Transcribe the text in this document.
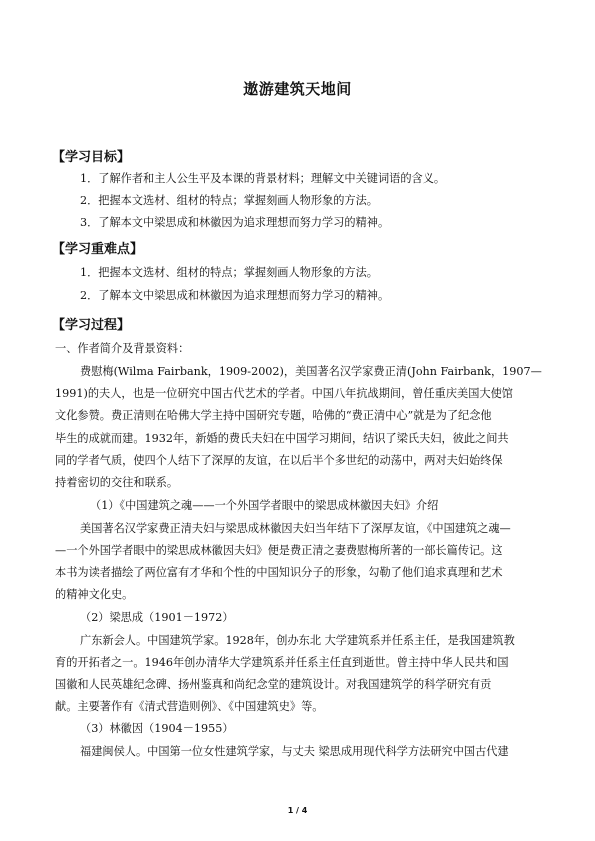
遨游建筑天地间
【学习目标】
1．了解作者和主人公生平及本课的背景材料；理解文中关键词语的含义。
2．把握本文选材、组材的特点；掌握刻画人物形象的方法。
3．了解本文中梁思成和林徽因为追求理想而努力学习的精神。
【学习重难点】
1．把握本文选材、组材的特点；掌握刻画人物形象的方法。
2．了解本文中梁思成和林徽因为追求理想而努力学习的精神。
【学习过程】
一、作者简介及背景资料：
费慰梅(Wilma Fairbank，1909-2002)，美国著名汉学家费正清(John Fairbank，1907—
1991)的夫人，也是一位研究中国古代艺术的学者。中国八年抗战期间，曾任重庆美国大使馆
文化参赞。费正清则在哈佛大学主持中国研究专题，哈佛的“费正清中心”就是为了纪念他
毕生的成就而建。1932年，新婚的费氏夫妇在中国学习期间，结识了梁氏夫妇，彼此之间共
同的学者气质，使四个人结下了深厚的友谊，在以后半个多世纪的动荡中，两对夫妇始终保
持着密切的交往和联系。
（1）《中国建筑之魂——一个外国学者眼中的梁思成林徽因夫妇》介绍
美国著名汉学家费正清夫妇与梁思成林徽因夫妇当年结下了深厚友谊，《中国建筑之魂—
—一个外国学者眼中的梁思成林徽因夫妇》便是费正清之妻费慰梅所著的一部长篇传记。这
本书为读者描绘了两位富有才华和个性的中国知识分子的形象，勾勒了他们追求真理和艺术
的精神文化史。
（2）梁思成（1901－1972）
广东新会人。中国建筑学家。1928年，创办东北 大学建筑系并任系主任，是我国建筑教
育的开拓者之一。1946年创办清华大学建筑系并任系主任直到逝世。曾主持中华人民共和国
国徽和人民英雄纪念碑、扬州鉴真和尚纪念堂的建筑设计。对我国建筑学的科学研究有贡
献。主要著作有《清式营造则例》、《中国建筑史》等。
（3）林徽因（1904－1955）
福建闽侯人。中国第一位女性建筑学家，与丈夫 梁思成用现代科学方法研究中国古代建
1 / 4
